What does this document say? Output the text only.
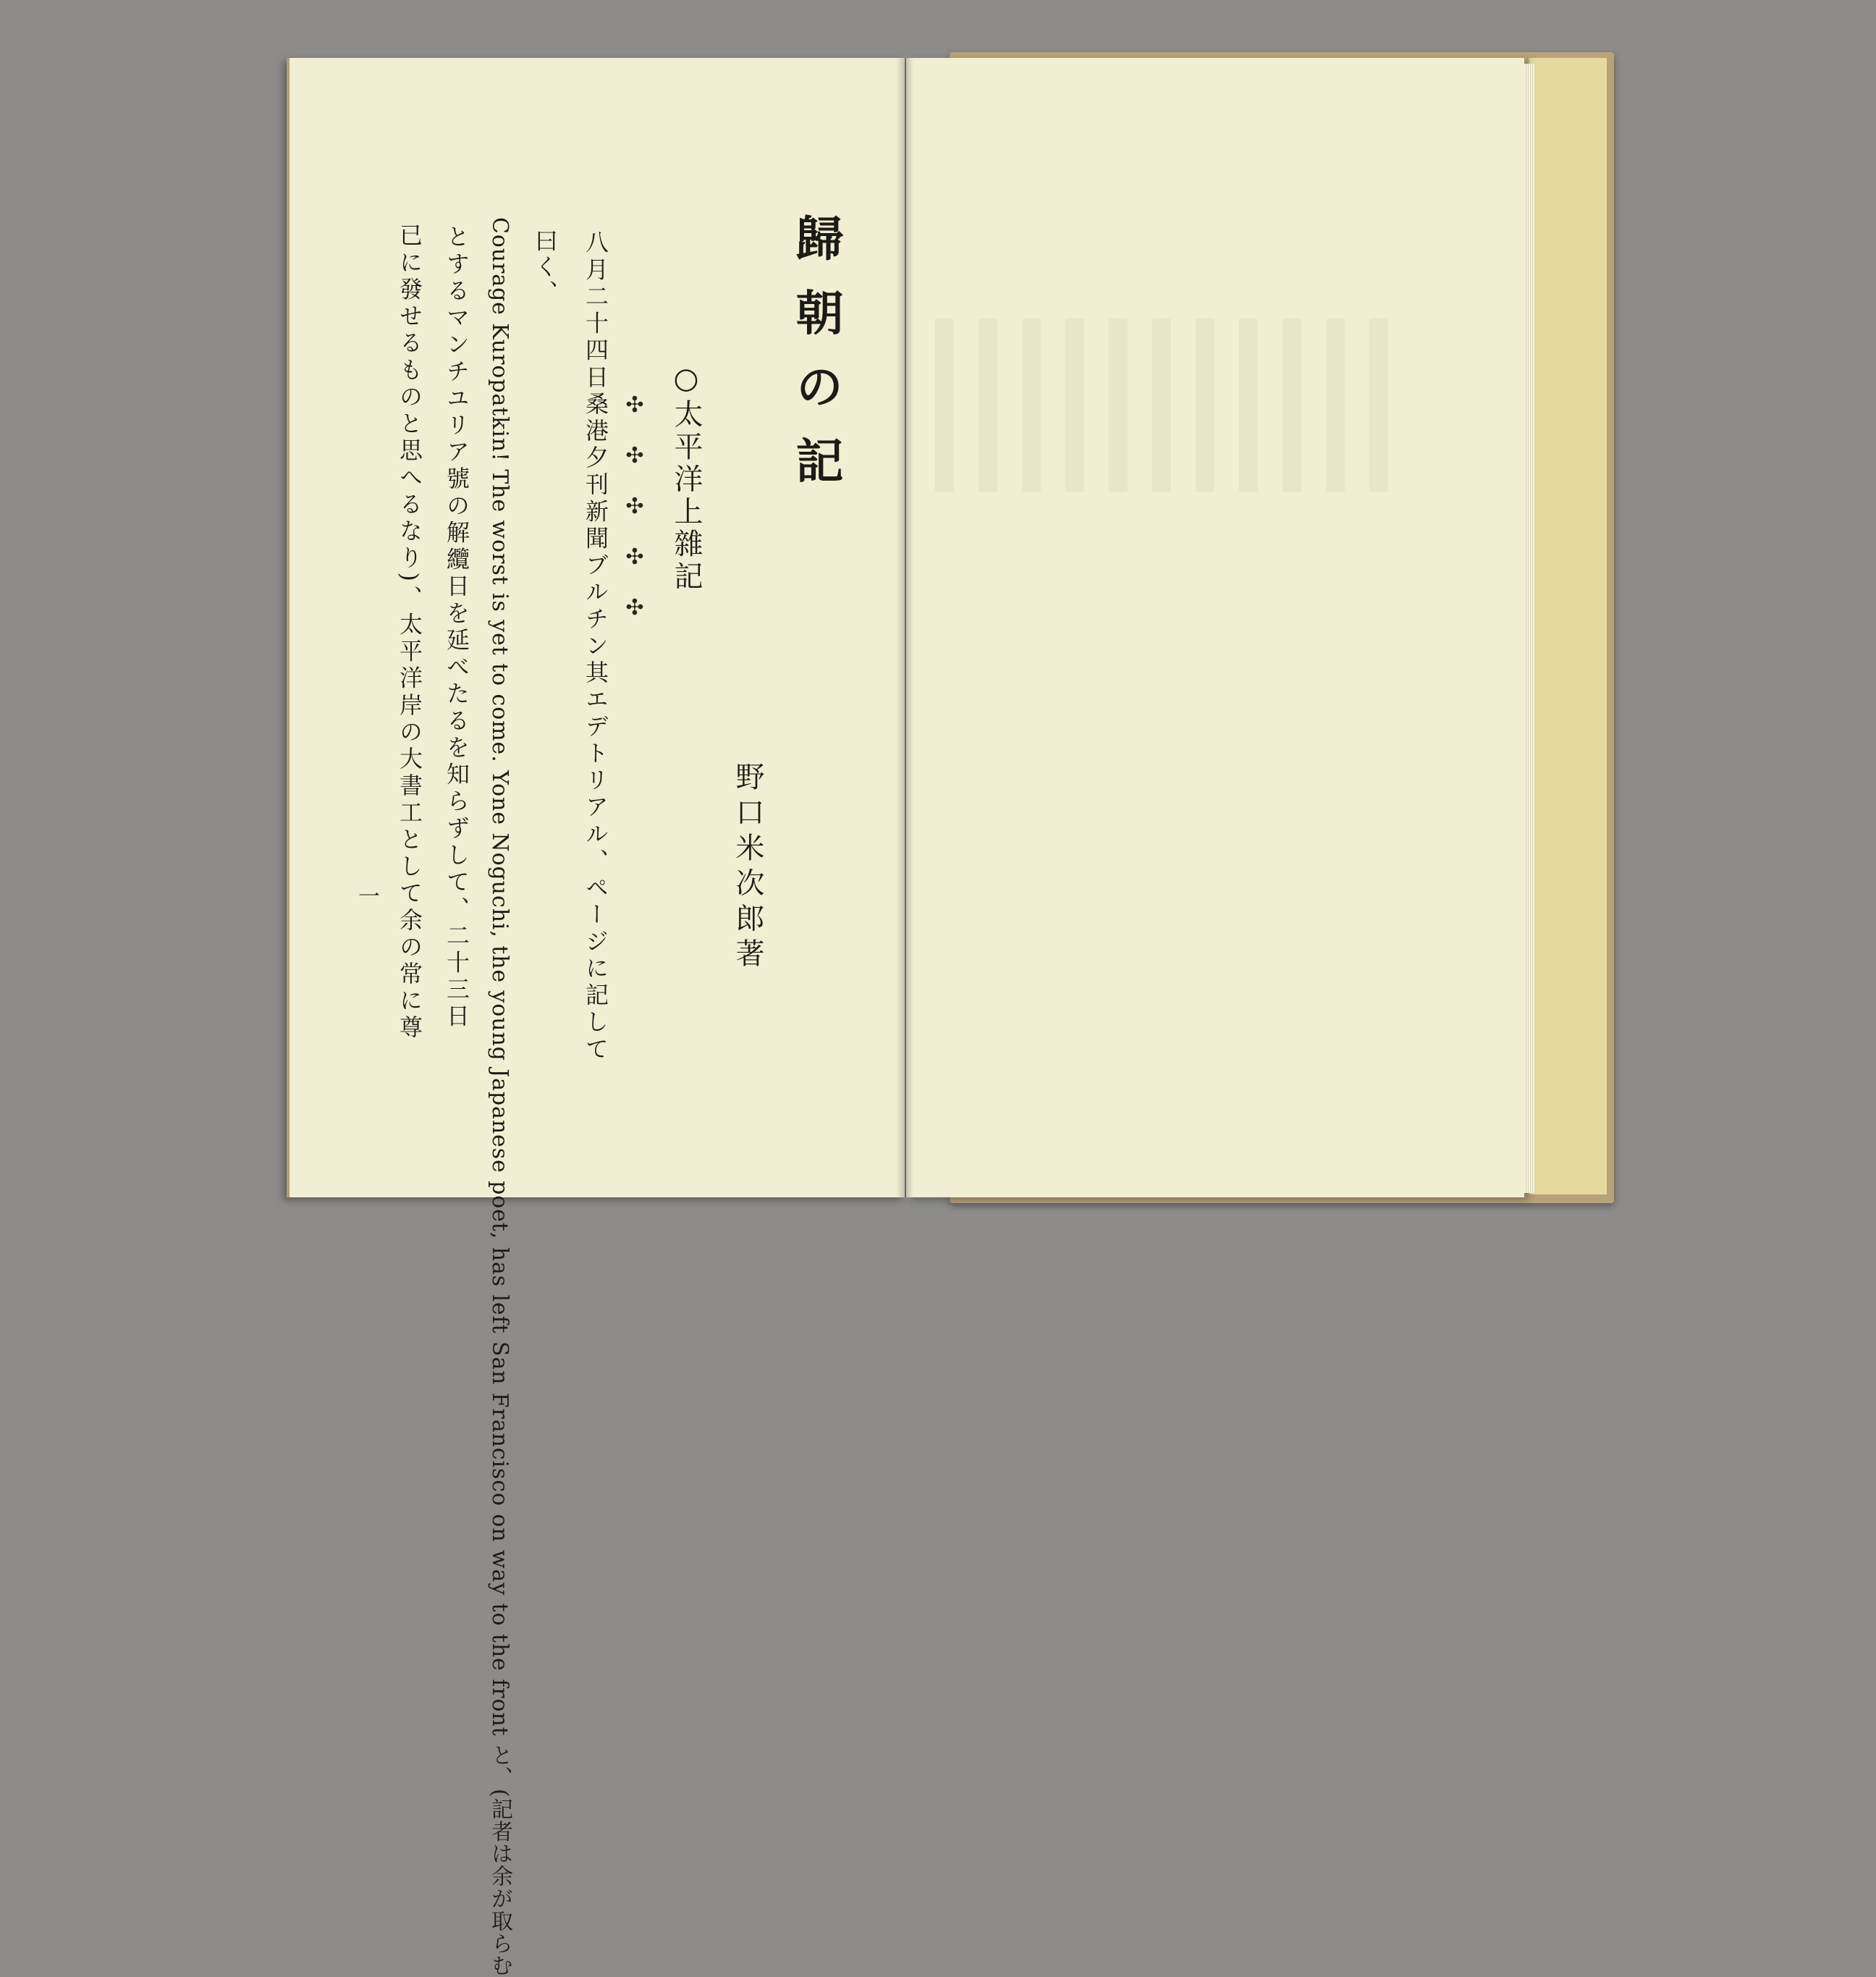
歸朝の記
○太平洋上雜記
✣
✣
✣
✣
✣
野口米次郎著
八月二十四日桑港夕刊新聞ブルチン其エデトリアル、ページに記して
曰く、
Courage Kuropatkin! The worst is yet to come. Yone Noguchi, the young Japanese poet, has left San Francisco on way to the front と、(記者は余が取らむ
とするマンチユリア號の解纜日を延べたるを知らずして、二十三日
已に發せるものと思へるなり)、太平洋岸の大書工として余の常に尊
一
